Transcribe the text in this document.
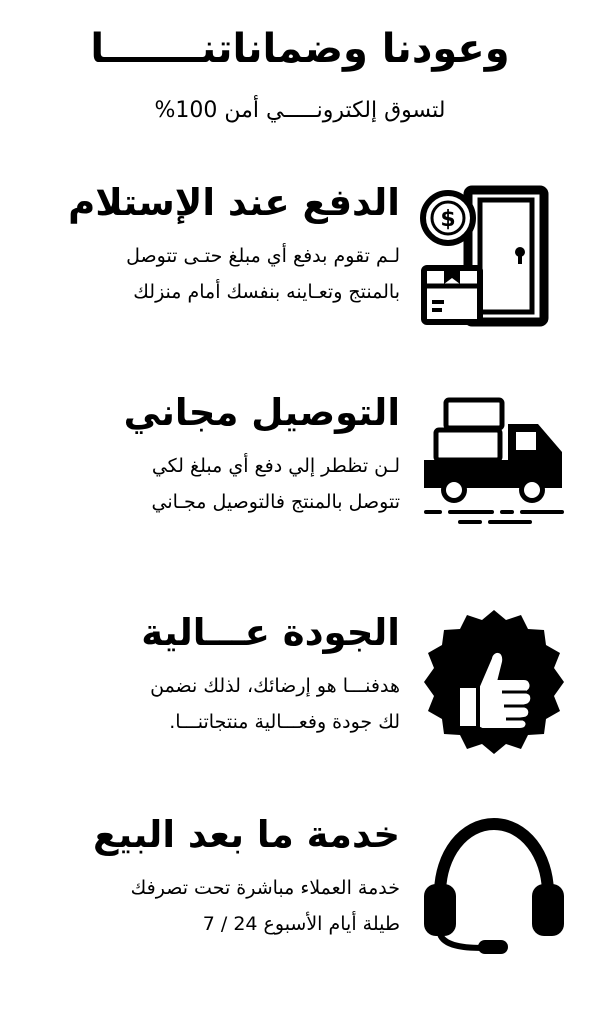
وعودنا وضماناتنـــــــا
لتسوق إلكترونـــــي أمن 100%
الدفع عند الإستلام
لـم تقوم بدفع أي مبلغ حتـى تتوصل
بالمنتج وتعـاينه بنفسك أمام منزلك
$
التوصيل مجاني
لـن تظطر إلي دفع أي مبلغ لكي
تتوصل بالمنتج فالتوصيل مجـاني
الجودة عـــالية
هدفنـــا هو إرضائك، لذلك نضمن
لك جودة وفعـــالية منتجاتنـــا.
خدمة ما بعد البيع
خدمة العملاء مباشرة تحت تصرفك
طيلة أيام الأسبوع 24 / 7
